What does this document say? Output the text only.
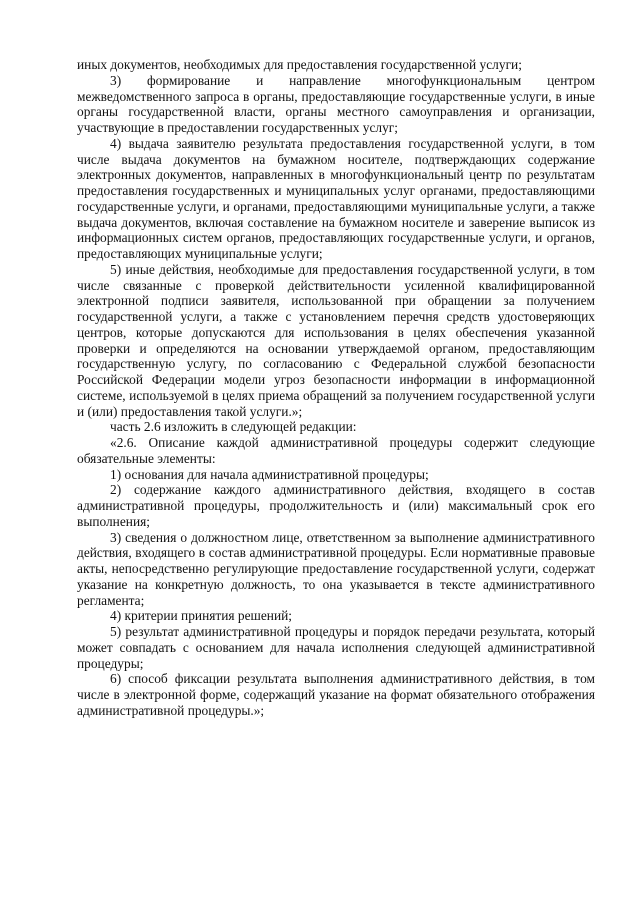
иных документов, необходимых для предоставления государственной услуги;

3) формирование и направление многофункциональным центром межведомственного запроса в органы, предоставляющие государственные услуги, в иные органы государственной власти, органы местного самоуправления и организации, участвующие в предоставлении государственных услуг;

4) выдача заявителю результата предоставления государственной услуги, в том числе выдача документов на бумажном носителе, подтверждающих содержание электронных документов, направленных в многофункциональный центр по результатам предоставления государственных и муниципальных услуг органами, предоставляющими государственные услуги, и органами, предоставляющими муниципальные услуги, а также выдача документов, включая составление на бумажном носителе и заверение выписок из информационных систем органов, предоставляющих государственные услуги, и органов, предоставляющих муниципальные услуги;

5) иные действия, необходимые для предоставления государственной услуги, в том числе связанные с проверкой действительности усиленной квалифицированной электронной подписи заявителя, использованной при обращении за получением государственной услуги, а также с установлением перечня средств удостоверяющих центров, которые допускаются для использования в целях обеспечения указанной проверки и определяются на основании утверждаемой органом, предоставляющим государственную услугу, по согласованию с Федеральной службой безопасности Российской Федерации модели угроз безопасности информации в информационной системе, используемой в целях приема обращений за получением государственной услуги и (или) предоставления такой услуги.»;

часть 2.6 изложить в следующей редакции:

«2.6. Описание каждой административной процедуры содержит следующие обязательные элементы:

1) основания для начала административной процедуры;

2) содержание каждого административного действия, входящего в состав административной процедуры, продолжительность и (или) максимальный срок его выполнения;

3) сведения о должностном лице, ответственном за выполнение административного действия, входящего в состав административной процедуры. Если нормативные правовые акты, непосредственно регулирующие предоставление государственной услуги, содержат указание на конкретную должность, то она указывается в тексте административного регламента;

4) критерии принятия решений;

5) результат административной процедуры и порядок передачи результата, который может совпадать с основанием для начала исполнения следующей административной процедуры;

6) способ фиксации результата выполнения административного действия, в том числе в электронной форме, содержащий указание на формат обязательного отображения административной процедуры.»;
